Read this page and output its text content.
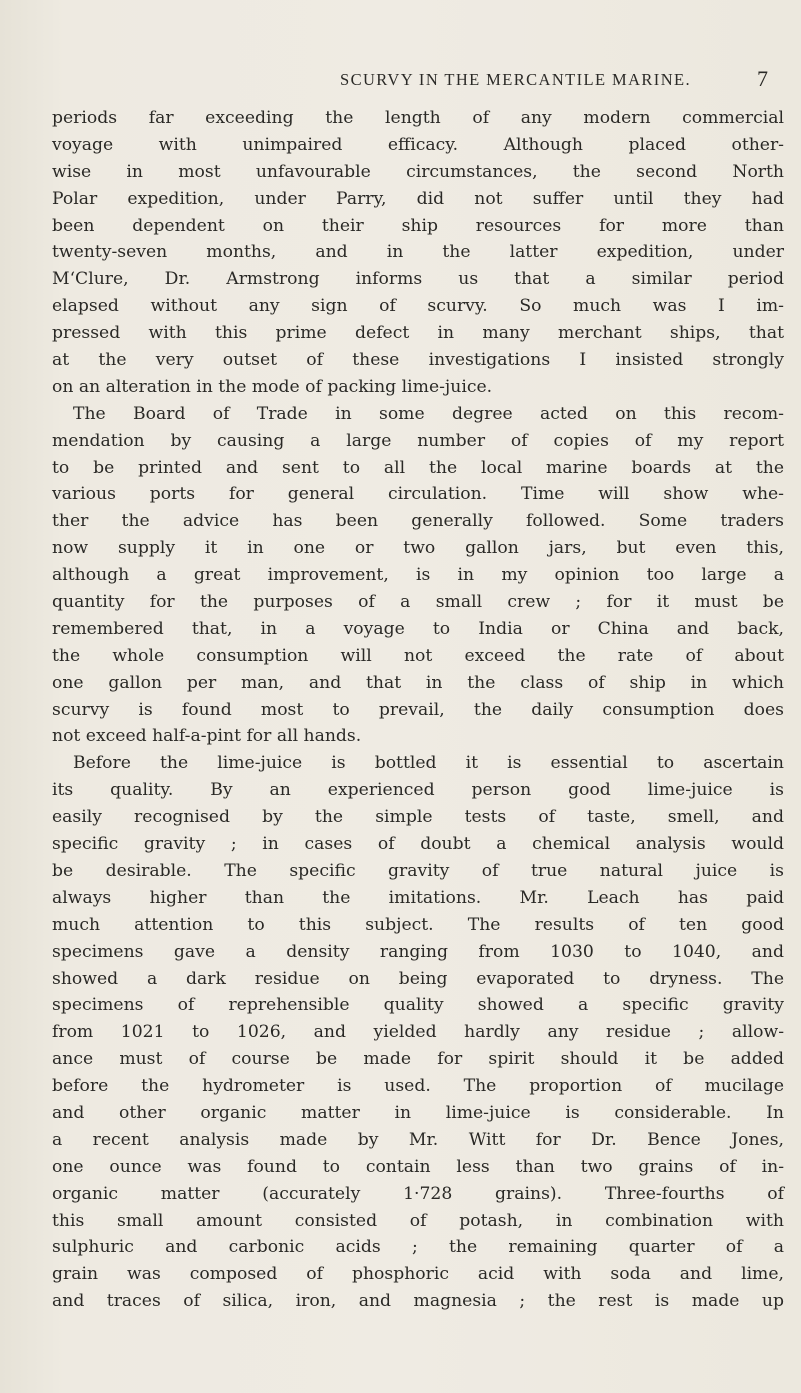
SCURVY IN THE MERCANTILE MARINE.	7
periods far exceeding the length of any modern commercial
voyage with unimpaired efficacy. Although placed other-
wise in most unfavourable circumstances, the second North
Polar expedition, under Parry, did not suffer until they had
been dependent on their ship resources for more than
twenty-seven months, and in the latter expedition, under
M‘Clure, Dr. Armstrong informs us that a similar period
elapsed without any sign of scurvy. So much was I im-
pressed with this prime defect in many merchant ships, that
at the very outset of these investigations I insisted strongly
on an alteration in the mode of packing lime-juice.
The Board of Trade in some degree acted on this recom-
mendation by causing a large number of copies of my report
to be printed and sent to all the local marine boards at the
various ports for general circulation. Time will show whe-
ther the advice has been generally followed. Some traders
now supply it in one or two gallon jars, but even this,
although a great improvement, is in my opinion too large a
quantity for the purposes of a small crew ; for it must be
remembered that, in a voyage to India or China and back,
the whole consumption will not exceed the rate of about
one gallon per man, and that in the class of ship in which
scurvy is found most to prevail, the daily consumption does
not exceed half-a-pint for all hands.
Before the lime-juice is bottled it is essential to ascertain
its quality. By an experienced person good lime-juice is
easily recognised by the simple tests of taste, smell, and
specific gravity ; in cases of doubt a chemical analysis would
be desirable. The specific gravity of true natural juice is
always higher than the imitations. Mr. Leach has paid
much attention to this subject. The results of ten good
specimens gave a density ranging from 1030 to 1040, and
showed a dark residue on being evaporated to dryness. The
specimens of reprehensible quality showed a specific gravity
from 1021 to 1026, and yielded hardly any residue ; allow-
ance must of course be made for spirit should it be added
before the hydrometer is used. The proportion of mucilage
and other organic matter in lime-juice is considerable. In
a recent analysis made by Mr. Witt for Dr. Bence Jones,
one ounce was found to contain less than two grains of in-
organic matter (accurately 1·728 grains). Three-fourths of
this small amount consisted of potash, in combination with
sulphuric and carbonic acids ; the remaining quarter of a
grain was composed of phosphoric acid with soda and lime,
and traces of silica, iron, and magnesia ; the rest is made up
